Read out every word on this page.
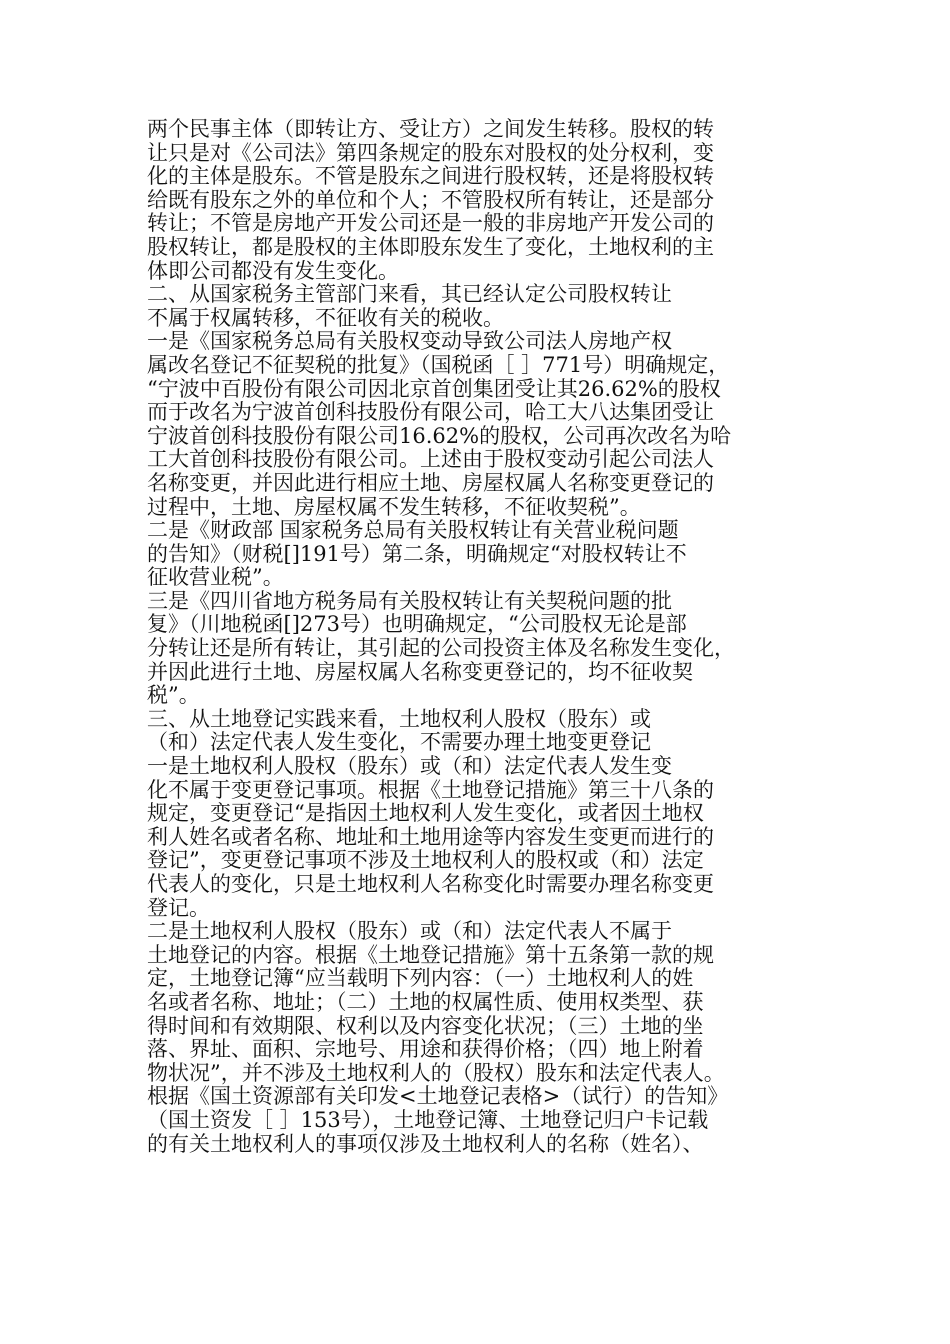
两个民事主体（即转让方、受让方）之间发生转移。股权的转
让只是对《公司法》第四条规定的股东对股权的处分权利，变
化的主体是股东。不管是股东之间进行股权转，还是将股权转
给既有股东之外的单位和个人；不管股权所有转让，还是部分
转让；不管是房地产开发公司还是一般的非房地产开发公司的
股权转让，都是股权的主体即股东发生了变化，土地权利的主
体即公司都没有发生变化。
二、从国家税务主管部门来看，其已经认定公司股权转让
不属于权属转移，不征收有关的税收。
一是《国家税务总局有关股权变动导致公司法人房地产权
属改名登记不征契税的批复》（国税函［ ］771号）明确规定，
“宁波中百股份有限公司因北京首创集团受让其26.62%的股权
而于改名为宁波首创科技股份有限公司，哈工大八达集团受让
宁波首创科技股份有限公司16.62%的股权，公司再次改名为哈
工大首创科技股份有限公司。上述由于股权变动引起公司法人
名称变更，并因此进行相应土地、房屋权属人名称变更登记的
过程中，土地、房屋权属不发生转移，不征收契税”。
二是《财政部 国家税务总局有关股权转让有关营业税问题
的告知》（财税[]191号）第二条，明确规定“对股权转让不
征收营业税”。
三是《四川省地方税务局有关股权转让有关契税问题的批
复》（川地税函[]273号）也明确规定，“公司股权无论是部
分转让还是所有转让，其引起的公司投资主体及名称发生变化，
并因此进行土地、房屋权属人名称变更登记的，均不征收契
税”。
三、从土地登记实践来看，土地权利人股权（股东）或
（和）法定代表人发生变化，不需要办理土地变更登记
一是土地权利人股权（股东）或（和）法定代表人发生变
化不属于变更登记事项。根据《土地登记措施》第三十八条的
规定，变更登记“是指因土地权利人发生变化，或者因土地权
利人姓名或者名称、地址和土地用途等内容发生变更而进行的
登记”，变更登记事项不涉及土地权利人的股权或（和）法定
代表人的变化，只是土地权利人名称变化时需要办理名称变更
登记。
二是土地权利人股权（股东）或（和）法定代表人不属于
土地登记的内容。根据《土地登记措施》第十五条第一款的规
定，土地登记簿“应当载明下列内容：（一）土地权利人的姓
名或者名称、地址；（二）土地的权属性质、使用权类型、获
得时间和有效期限、权利以及内容变化状况；（三）土地的坐
落、界址、面积、宗地号、用途和获得价格；（四）地上附着
物状况”，并不涉及土地权利人的（股权）股东和法定代表人。
根据《国土资源部有关印发<土地登记表格>（试行）的告知》
（国土资发［ ］153号），土地登记簿、土地登记归户卡记载
的有关土地权利人的事项仅涉及土地权利人的名称（姓名）、
